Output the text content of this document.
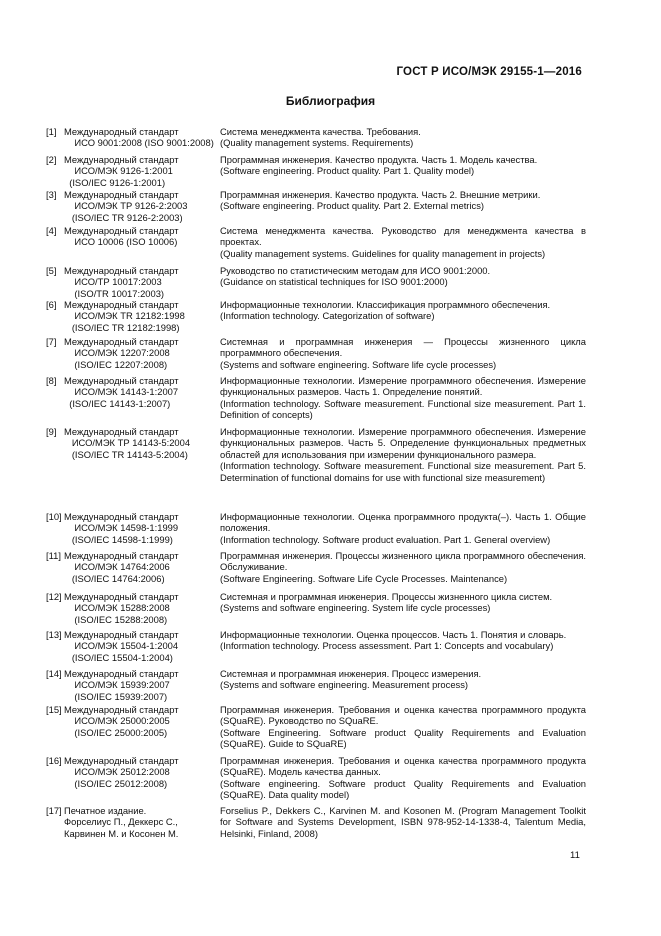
ГОСТ Р ИСО/МЭК 29155-1—2016
Библиография
[1] Международный стандарт
ИСО 9001:2008 (ISO 9001:2008)
Система менеджмента качества. Требования.
(Quality management systems. Requirements)
[2] Международный стандарт
ИСО/МЭК 9126-1:2001
(ISO/IEC 9126-1:2001)
Программная инженерия. Качество продукта. Часть 1. Модель качества.
(Software engineering. Product quality. Part 1. Quality model)
[3] Международный стандарт
ИСО/МЭК ТР 9126-2:2003
(ISO/IEC TR 9126-2:2003)
Программная инженерия. Качество продукта. Часть 2. Внешние метрики.
(Software engineering. Product quality. Part 2. External metrics)
[4] Международный стандарт
ИСО 10006 (ISO 10006)
Система менеджмента качества. Руководство для менеджмента качества в проектах.
(Quality management systems. Guidelines for quality management in projects)
[5] Международный стандарт
ИСО/ТР 10017:2003
(ISO/TR 10017:2003)
Руководство по статистическим методам для ИСО 9001:2000.
(Guidance on statistical techniques for ISO 9001:2000)
[6] Международный стандарт
ИСО/МЭК ТR 12182:1998
(ISO/IEC TR 12182:1998)
Информационные технологии. Классификация программного обеспечения.
(Information technology. Categorization of software)
[7] Международный стандарт
ИСО/МЭК 12207:2008
(ISO/IEC 12207:2008)
Системная и программная инженерия — Процессы жизненного цикла программного обеспечения.
(Systems and software engineering. Software life cycle processes)
[8] Международный стандарт
ИСО/МЭК 14143-1:2007
(ISO/IEC 14143-1:2007)
Информационные технологии. Измерение программного обеспечения. Измерение функциональных размеров. Часть 1. Определение понятий.
(Information technology. Software measurement. Functional size measurement. Part 1. Definition of concepts)
[9] Международный стандарт
ИСО/МЭК ТР 14143-5:2004
(ISO/IEC TR 14143-5:2004)
Информационные технологии. Измерение программного обеспечения. Измерение функциональных размеров. Часть 5. Определение функциональных предметных областей для использования при измерении функционального размера.
(Information technology. Software measurement. Functional size measurement. Part 5. Determination of functional domains for use with functional size measurement)
[10] Международный стандарт
ИСО/МЭК 14598-1:1999
(ISO/IEC 14598-1:1999)
Информационные технологии. Оценка программного продукта(–). Часть 1. Общие положения.
(Information technology. Software product evaluation. Part 1. General overview)
[11] Международный стандарт
ИСО/МЭК 14764:2006
(ISO/IEC 14764:2006)
Программная инженерия. Процессы жизненного цикла программного обеспечения. Обслуживание.
(Software Engineering. Software Life Cycle Processes. Maintenance)
[12] Международный стандарт
ИСО/МЭК 15288:2008
(ISO/IEC 15288:2008)
Системная и программная инженерия. Процессы жизненного цикла систем.
(Systems and software engineering. System life cycle processes)
[13] Международный стандарт
ИСО/МЭК 15504-1:2004
(ISO/IEC 15504-1:2004)
Информационные технологии. Оценка процессов. Часть 1. Понятия и словарь.
(Information technology. Process assessment. Part 1: Concepts and vocabulary)
[14] Международный стандарт
ИСО/МЭК 15939:2007
(ISO/IEC 15939:2007)
Системная и программная инженерия. Процесс измерения.
(Systems and software engineering. Measurement process)
[15] Международный стандарт
ИСО/МЭК 25000:2005
(ISO/IEC 25000:2005)
Программная инженерия. Требования и оценка качества программного продукта (SQuaRE). Руководство по SQuaRE.
(Software Engineering. Software product Quality Requirements and Evaluation (SQuaRE). Guide to SQuaRE)
[16] Международный стандарт
ИСО/МЭК 25012:2008
(ISO/IEC 25012:2008)
Программная инженерия. Требования и оценка качества программного продукта (SQuaRE). Модель качества данных.
(Software engineering. Software product Quality Requirements and Evaluation (SQuaRE). Data quality model)
[17] Печатное издание.
Форселиус П., Деккерс С.,
Карвинен М. и Косонен М.
Forselius P., Dekkers C., Karvinen M. and Kosonen M. (Program Management Toolkit for Software and Systems Development, ISBN 978-952-14-1338-4, Talentum Media, Helsinki, Finland, 2008)
11
